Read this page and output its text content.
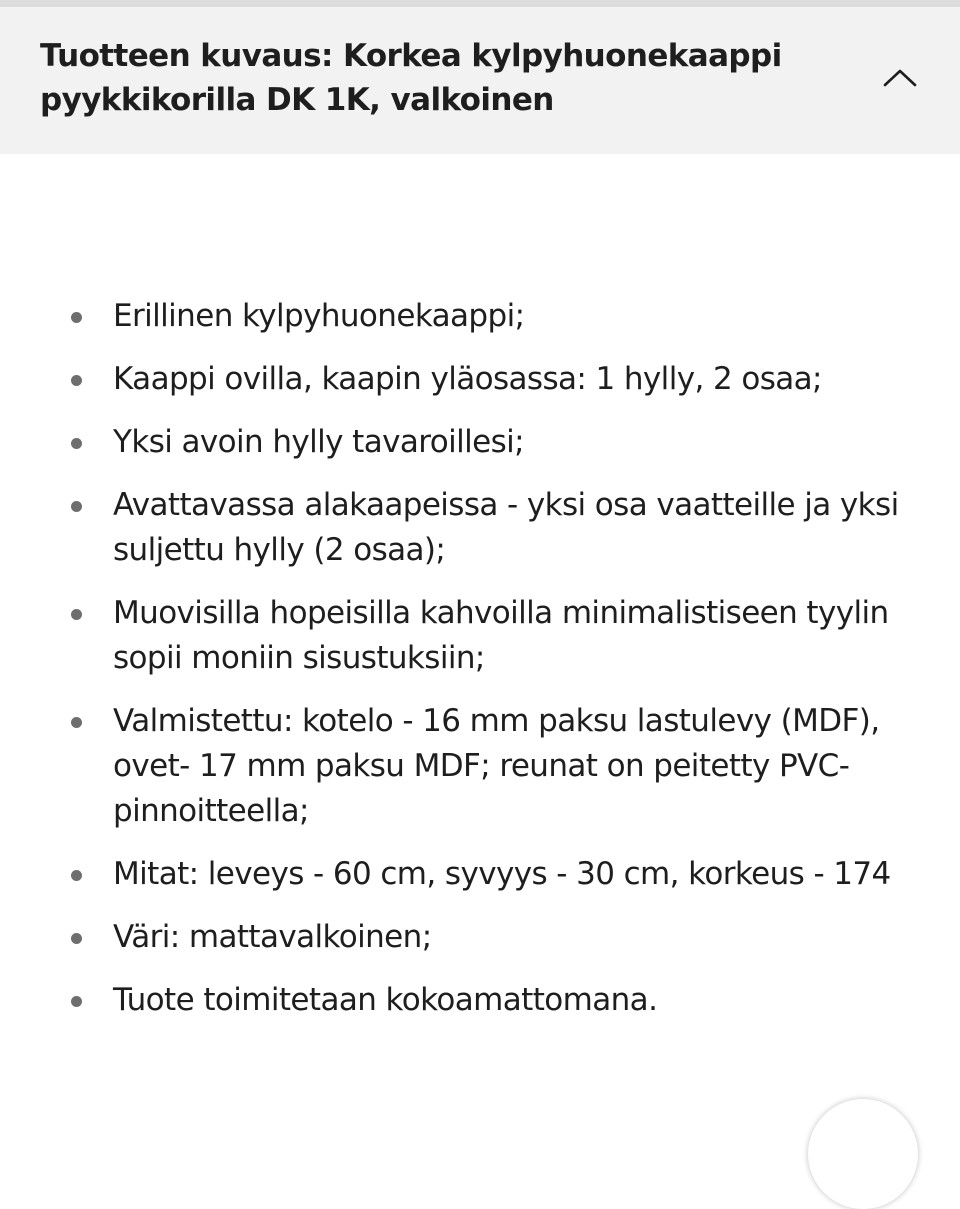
Tuotteen kuvaus: Korkea kylpyhuonekaappi
pyykkikorilla DK 1K, valkoinen
Erillinen kylpyhuonekaappi;
Kaappi ovilla, kaapin yläosassa: 1 hylly, 2 osaa;
Yksi avoin hylly tavaroillesi;
Avattavassa alakaapeissa - yksi osa vaatteille ja yksi
suljettu hylly (2 osaa);
Muovisilla hopeisilla kahvoilla minimalistiseen tyylin
sopii moniin sisustuksiin;
Valmistettu: kotelo - 16 mm paksu lastulevy (MDF),
ovet- 17 mm paksu MDF; reunat on peitetty PVC-
pinnoitteella;
Mitat: leveys - 60 cm, syvyys - 30 cm, korkeus - 174
Väri: mattavalkoinen;
Tuote toimitetaan kokoamattomana.
